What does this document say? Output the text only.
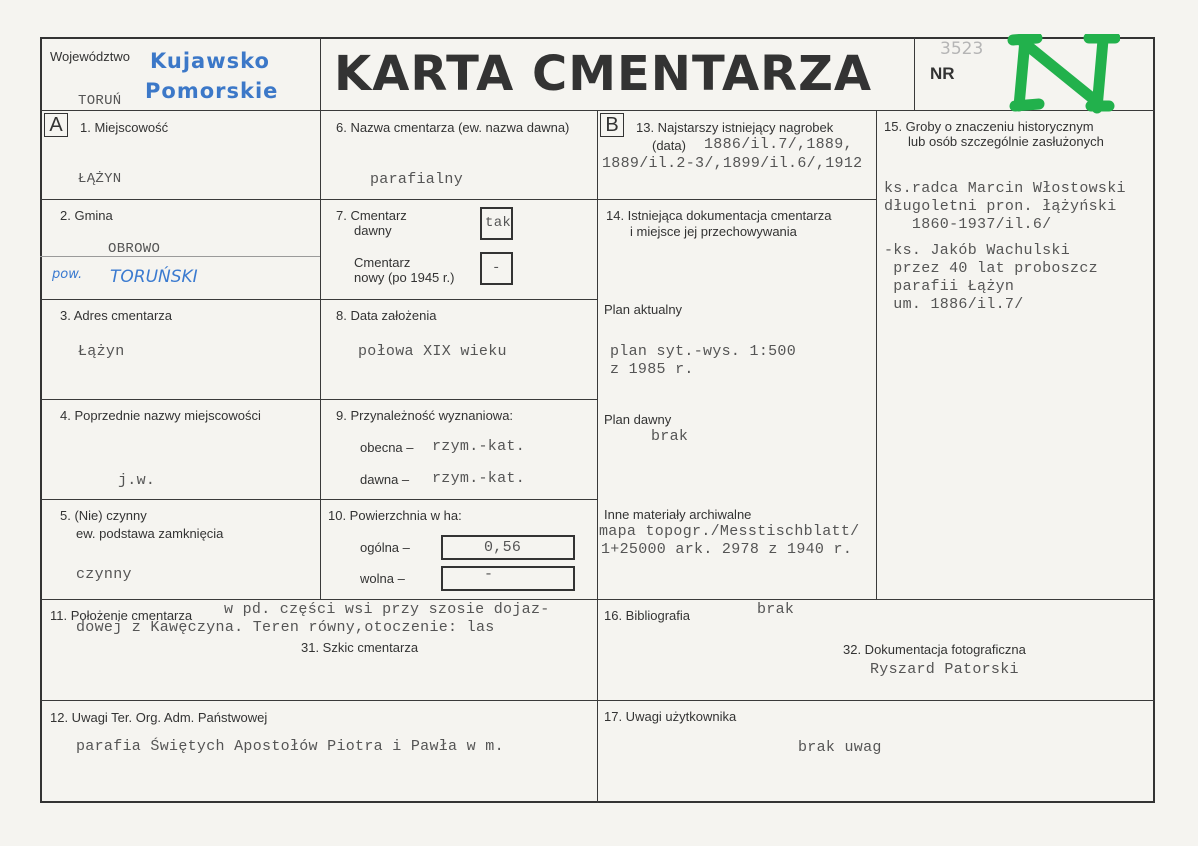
Województwo Kujawsko
Pomorskie
TORUŃ	KARTA CMENTARZA	NR
3523
A	1. Miejscowość
ŁĄŻYN
2. Gmina
OBROWO
pow. TORUŃSKI
3. Adres cmentarza
Łążyn
4. Poprzednie nazwy miejscowości
j.w.
5. (Nie) czynny
ew. podstawa zamknięcia
czynny
6. Nazwa cmentarza (ew. nazwa dawna)
parafialny
7. Cmentarz
dawny	tak
Cmentarz
nowy (po 1945 r.)
-
8. Data założenia
połowa XIX wieku
9. Przynależność wyznaniowa:
obecna – rzym.-kat.
dawna – rzym.-kat.
10. Powierzchnia w ha:
ogólna –	0,56
wolna –	-
11. Położenie cmentarza w pd. części wsi przy szosie dojaz-
dowej z Kawęczyna. Teren równy,otoczenie: las
31. Szkic cmentarza
12. Uwagi Ter. Org. Adm. Państwowej
parafia Świętych Apostołów Piotra i Pawła w m.
B	13. Najstarszy istniejący nagrobek
(data) 1886/il.7/,1889,
1889/il.2-3/,1899/il.6/,1912
14. Istniejąca dokumentacja cmentarza
i miejsce jej przechowywania
Plan aktualny
plan syt.-wys. 1:500
z 1985 r.
Plan dawny
brak
Inne materiały archiwalne
mapa topogr./Messtischblatt/
1+25000 ark. 2978 z 1940 r.
15. Groby o znaczeniu historycznym
lub osób szczególnie zasłużonych
ks.radca Marcin Włostowski
długoletni pron. łążyński
1860-1937/il.6/
-ks. Jakób Wachulski
przez 40 lat proboszcz
parafii Łążyn
um. 1886/il.7/
16. Bibliografia	brak
32. Dokumentacja fotograficzna
Ryszard Patorski
17. Uwagi użytkownika
brak uwag
